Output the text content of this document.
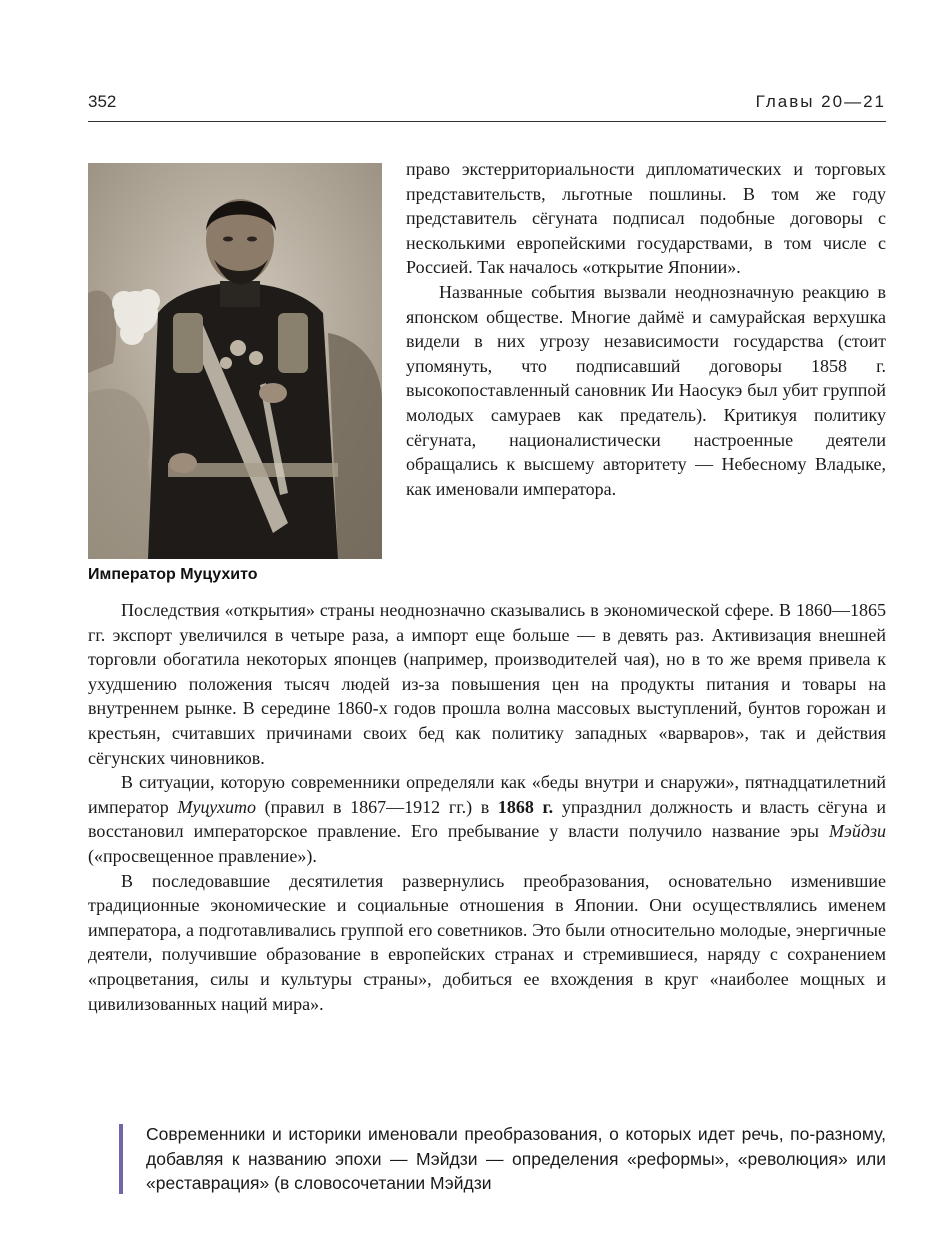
352	Главы 20—21
Император Муцухито

право экстерриториальности дипломатических и торговых представительств, льготные пошлины. В том же году представитель сёгуната подписал подобные договоры с несколькими европейскими государствами, в том числе с Россией. Так началось «открытие Японии».

Названные события вызвали неоднозначную реакцию в японском обществе. Многие даймё и самурайская верхушка видели в них угрозу независимости государства (стоит упомянуть, что подписавший договоры 1858 г. высокопоставленный сановник Ии Наосукэ был убит группой молодых самураев как предатель). Критикуя политику сёгуната, националистически настроенные деятели обращались к высшему авторитету — Небесному Владыке, как именовали императора.

Последствия «открытия» страны неоднозначно сказывались в экономической сфере. В 1860—1865 гг. экспорт увеличился в четыре раза, а импорт еще больше — в девять раз. Активизация внешней торговли обогатила некоторых японцев (например, производителей чая), но в то же время привела к ухудшению положения тысяч людей из-за повышения цен на продукты питания и товары на внутреннем рынке. В середине 1860-х годов прошла волна массовых выступлений, бунтов горожан и крестьян, считавших причинами своих бед как политику западных «варваров», так и действия сёгунских чиновников.

В ситуации, которую современники определяли как «беды внутри и снаружи», пятнадцатилетний император Муцухито (правил в 1867—1912 гг.) в 1868 г. упразднил должность и власть сёгуна и восстановил императорское правление. Его пребывание у власти получило название эры Мэйдзи («просвещенное правление»).

В последовавшие десятилетия развернулись преобразования, основательно изменившие традиционные экономические и социальные отношения в Японии. Они осуществлялись именем императора, а подготавливались группой его советников. Это были относительно молодые, энергичные деятели, получившие образование в европейских странах и стремившиеся, наряду с сохранением «процветания, силы и культуры страны», добиться ее вхождения в круг «наиболее мощных и цивилизованных наций мира».

Современники и историки именовали преобразования, о которых идет речь, по-разному, добавляя к названию эпохи — Мэйдзи — определения «реформы», «революция» или «реставрация» (в словосочетании Мэйдзи
